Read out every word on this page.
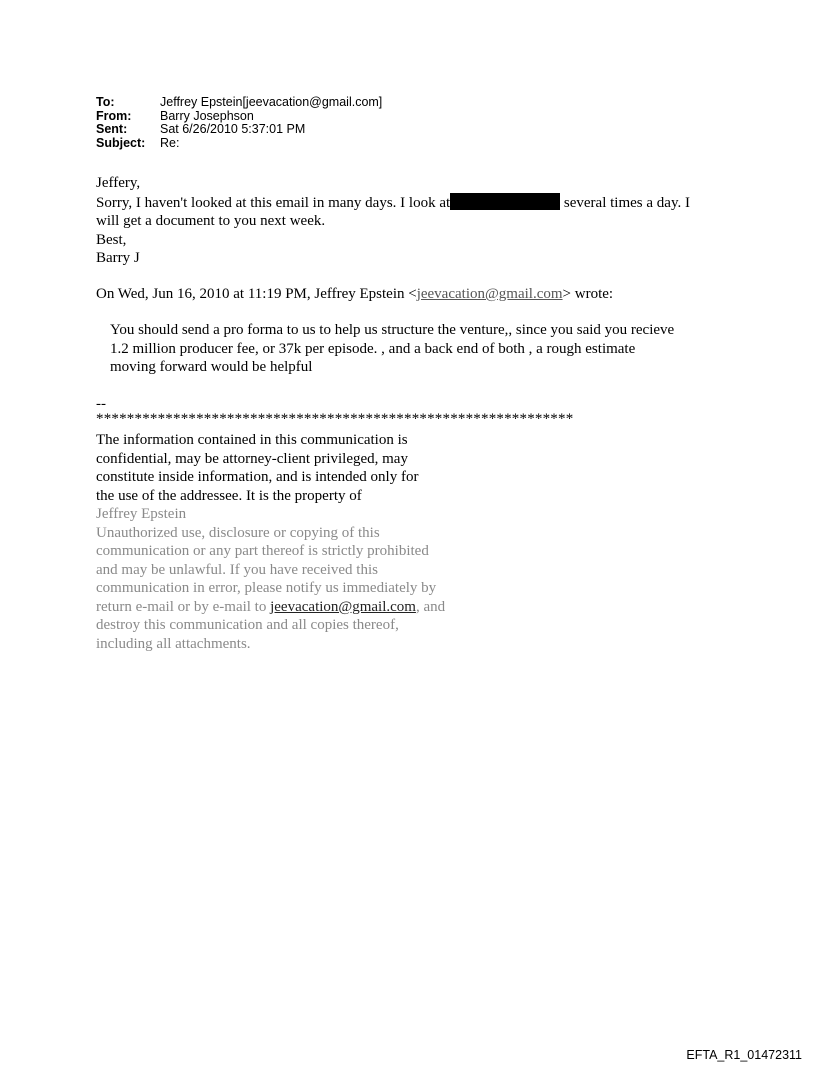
To:	Jeffrey Epstein[jeevacation@gmail.com]
From:	Barry Josephson
Sent:	Sat 6/26/2010 5:37:01 PM
Subject:	Re:

Jeffery,

Sorry, I haven't looked at this email in many days. I look at	several times a day. I

will get a document to you next week.

Best,

Barry J

On Wed, Jun 16, 2010 at 11:19 PM, Jeffrey Epstein <jeevacation@gmail.com> wrote:

You should send a pro forma to us to help us structure the venture,, since you said you recieve

1.2 million producer fee, or 37k per episode. , and a back end of both , a rough estimate

moving forward would be helpful

--
**************************************************************

The information contained in this communication is

confidential, may be attorney-client privileged, may

constitute inside information, and is intended only for

the use of the addressee. It is the property of

Jeffrey Epstein

Unauthorized use, disclosure or copying of this

communication or any part thereof is strictly prohibited

and may be unlawful. If you have received this

communication in error, please notify us immediately by

return e-mail or by e-mail to jeevacation@gmail.com, and

destroy this communication and all copies thereof,

including all attachments.

EFTA_R1_01472311
